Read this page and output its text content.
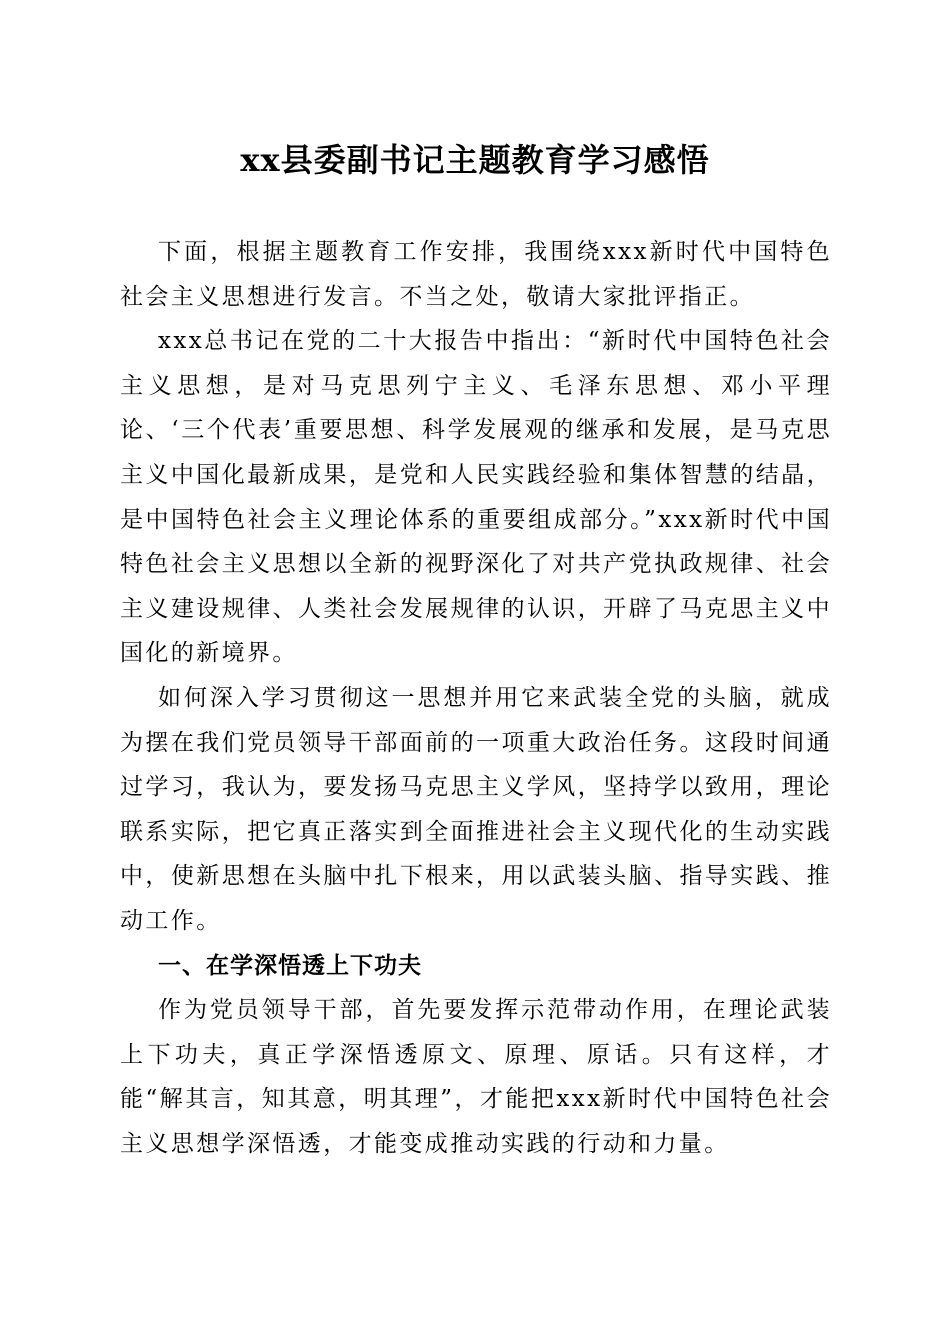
xx县委副书记主题教育学习感悟

下面，根据主题教育工作安排，我围绕xxx新时代中国特色社会主义思想进行发言。不当之处，敬请大家批评指正。

xxx总书记在党的二十大报告中指出：“新时代中国特色社会主义思想，是对马克思列宁主义、毛泽东思想、邓小平理论、‘三个代表’重要思想、科学发展观的继承和发展，是马克思主义中国化最新成果，是党和人民实践经验和集体智慧的结晶，是中国特色社会主义理论体系的重要组成部分。”xxx新时代中国特色社会主义思想以全新的视野深化了对共产党执政规律、社会主义建设规律、人类社会发展规律的认识，开辟了马克思主义中国化的新境界。

如何深入学习贯彻这一思想并用它来武装全党的头脑，就成为摆在我们党员领导干部面前的一项重大政治任务。这段时间通过学习，我认为，要发扬马克思主义学风，坚持学以致用，理论联系实际，把它真正落实到全面推进社会主义现代化的生动实践中，使新思想在头脑中扎下根来，用以武装头脑、指导实践、推动工作。

一、在学深悟透上下功夫

作为党员领导干部，首先要发挥示范带动作用，在理论武装上下功夫，真正学深悟透原文、原理、原话。只有这样，才能“解其言，知其意，明其理”，才能把xxx新时代中国特色社会主义思想学深悟透，才能变成推动实践的行动和力量。
